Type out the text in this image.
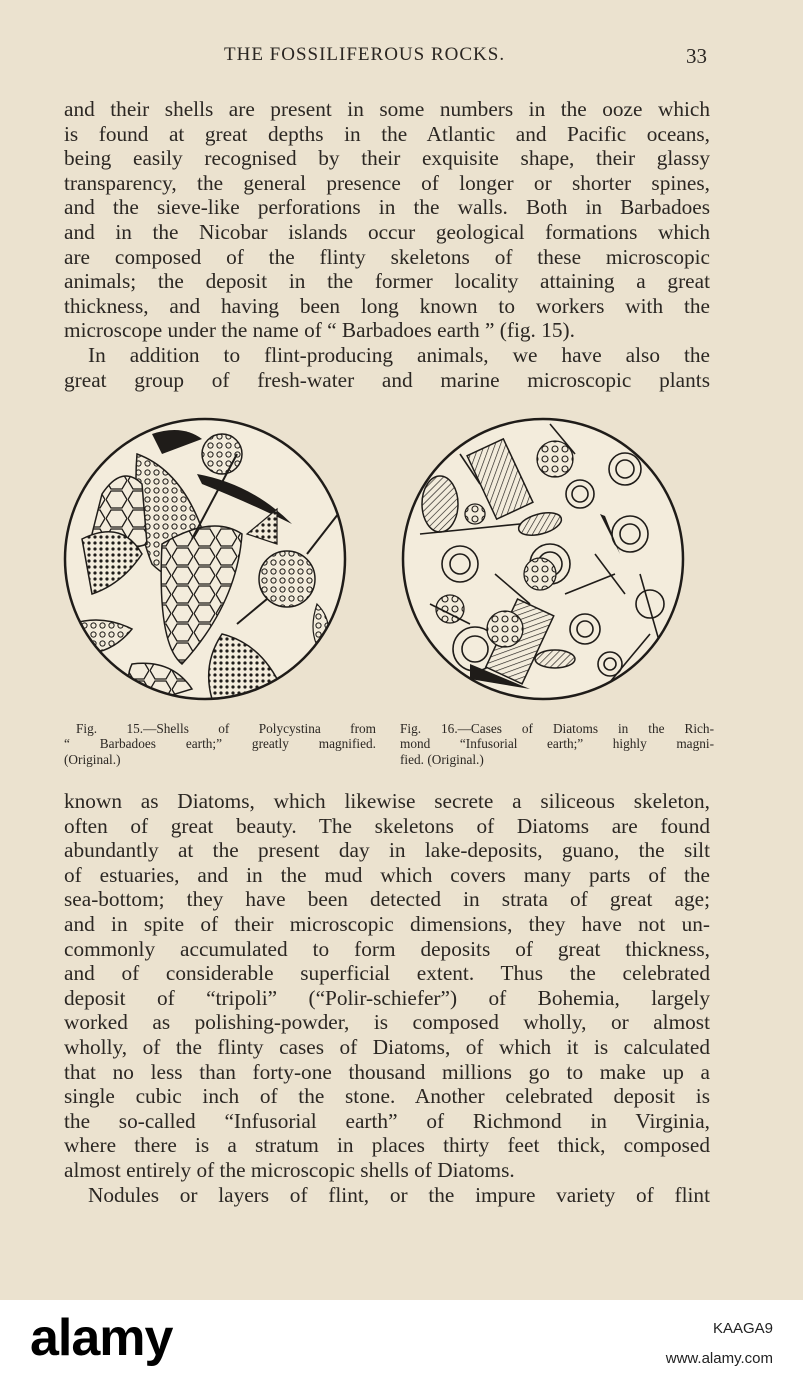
THE FOSSILIFEROUS ROCKS.	33

and their shells are present in some numbers in the ooze which
is found at great depths in the Atlantic and Pacific oceans,
being easily recognised by their exquisite shape, their glassy
transparency, the general presence of longer or shorter spines,
and the sieve-like perforations in the walls. Both in Barbadoes
and in the Nicobar islands occur geological formations which
are composed of the flinty skeletons of these microscopic
animals; the deposit in the former locality attaining a great
thickness, and having been long known to workers with the
microscope under the name of “ Barbadoes earth ” (fig. 15).

In addition to flint-producing animals, we have also the
great group of fresh-water and marine microscopic plants

Fig. 15.—Shells of Polycystina from
“ Barbadoes earth;” greatly magnified.
(Original.)

Fig. 16.—Cases of Diatoms in the Rich-
mond “Infusorial earth;” highly magni-
fied. (Original.)

known as Diatoms, which likewise secrete a siliceous skeleton,
often of great beauty. The skeletons of Diatoms are found
abundantly at the present day in lake-deposits, guano, the silt
of estuaries, and in the mud which covers many parts of the
sea-bottom; they have been detected in strata of great age;
and in spite of their microscopic dimensions, they have not un-
commonly accumulated to form deposits of great thickness,
and of considerable superficial extent. Thus the celebrated
deposit of “tripoli” (“Polir-schiefer”) of Bohemia, largely
worked as polishing-powder, is composed wholly, or almost
wholly, of the flinty cases of Diatoms, of which it is calculated
that no less than forty-one thousand millions go to make up a
single cubic inch of the stone. Another celebrated deposit is
the so-called “Infusorial earth” of Richmond in Virginia,
where there is a stratum in places thirty feet thick, composed
almost entirely of the microscopic shells of Diatoms.

Nodules or layers of flint, or the impure variety of flint

alamy	KAAGA9
www.alamy.com
